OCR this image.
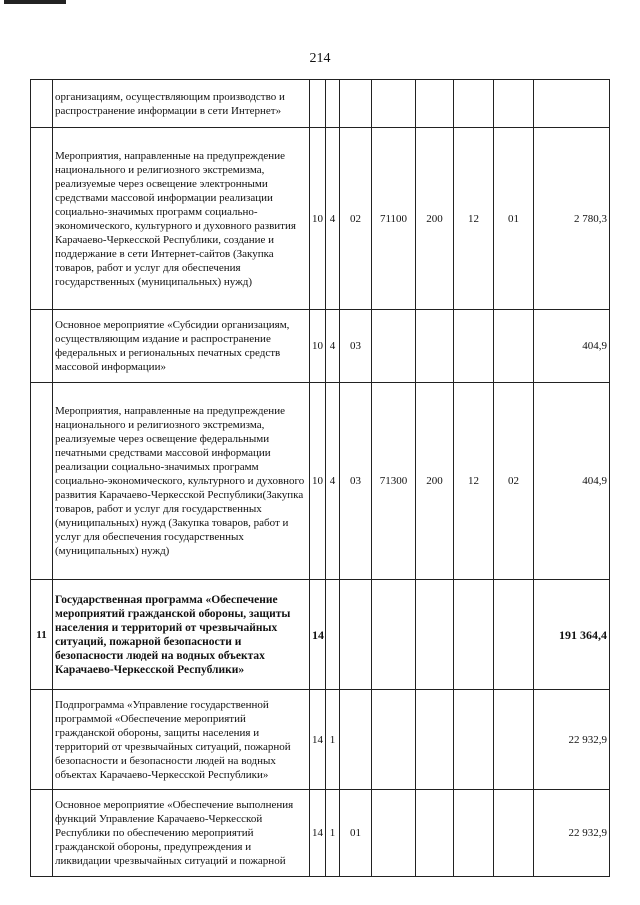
214
	организациям, осуществляющим производство и распространение информации в сети Интернет»								
	Мероприятия, направленные на предупреждение национального и религиозного экстремизма, реализуемые через освещение электронными средствами массовой информации реализации социально-значимых программ социально-экономического, культурного и духовного развития Карачаево-Черкесской Республики, создание и поддержание в сети Интернет-сайтов (Закупка товаров, работ и услуг для обеспечения государственных (муниципальных) нужд)	10	4	02	71100	200	12	01	2 780,3
	Основное мероприятие «Субсидии организациям, осуществляющим издание и распространение федеральных и региональных печатных средств массовой информации»	10	4	03					404,9
	Мероприятия, направленные на предупреждение национального и религиозного экстремизма, реализуемые через освещение федеральными печатными средствами массовой информации реализации социально-значимых программ социально-экономического, культурного и духовного развития Карачаево-Черкесской Республики(Закупка товаров, работ и услуг для государственных (муниципальных) нужд (Закупка товаров, работ и услуг для обеспечения государственных (муниципальных) нужд)	10	4	03	71300	200	12	02	404,9
11	Государственная программа «Обеспечение мероприятий гражданской обороны, защиты населения и территорий от чрезвычайных ситуаций, пожарной безопасности и безопасности людей на водных объектах Карачаево-Черкесской Республики»	14							191 364,4
	Подпрограмма «Управление государственной программой «Обеспечение мероприятий гражданской обороны, защиты населения и территорий от чрезвычайных ситуаций, пожарной безопасности и безопасности людей на водных объектах Карачаево-Черкесской Республики»	14	1						22 932,9
	Основное мероприятие «Обеспечение выполнения функций Управление Карачаево-Черкесской Республики по обеспечению мероприятий гражданской обороны, предупреждения и ликвидации чрезвычайных ситуаций и пожарной	14	1	01					22 932,9
